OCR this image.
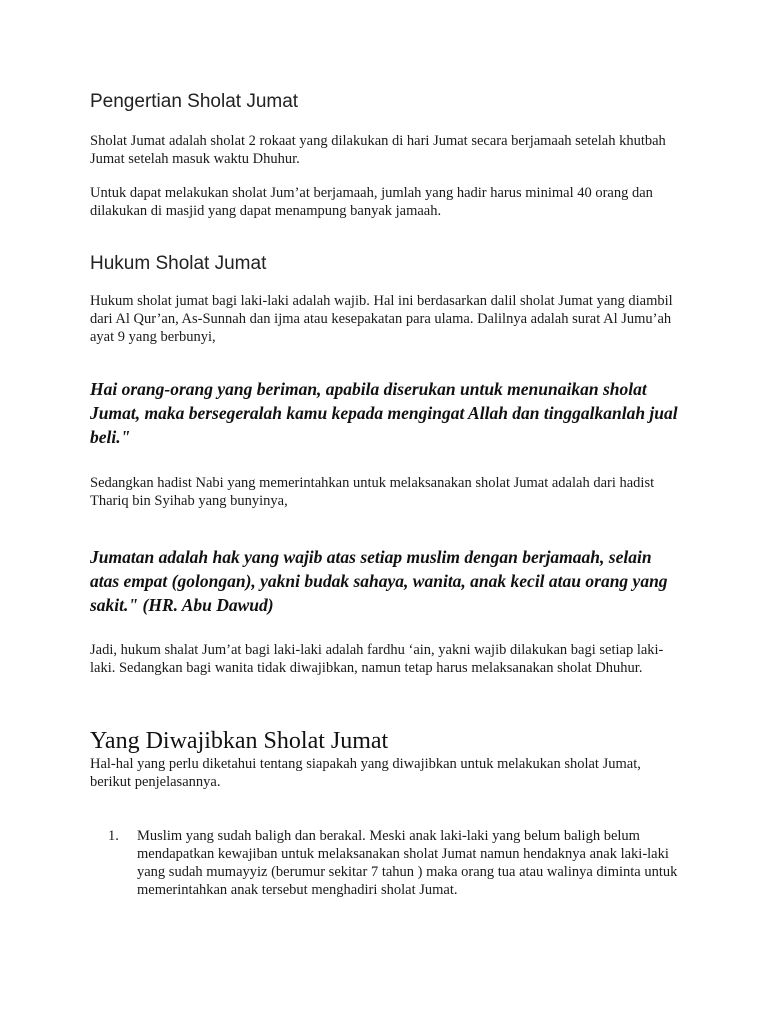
Pengertian Sholat Jumat

Sholat Jumat adalah sholat 2 rokaat yang dilakukan di hari Jumat secara berjamaah setelah khutbah Jumat setelah masuk waktu Dhuhur.

Untuk dapat melakukan sholat Jum’at berjamaah, jumlah yang hadir harus minimal 40 orang dan dilakukan di masjid yang dapat menampung banyak jamaah.

Hukum Sholat Jumat

Hukum sholat jumat bagi laki-laki adalah wajib. Hal ini berdasarkan dalil sholat Jumat yang diambil dari Al Qur’an, As-Sunnah dan ijma atau kesepakatan para ulama. Dalilnya adalah surat Al Jumu’ah ayat 9 yang berbunyi,

Hai orang-orang yang beriman, apabila diserukan untuk menunaikan sholat Jumat, maka bersegeralah kamu kepada mengingat Allah dan tinggalkanlah jual beli."

Sedangkan hadist Nabi yang memerintahkan untuk melaksanakan sholat Jumat adalah dari hadist Thariq bin Syihab yang bunyinya,

Jumatan adalah hak yang wajib atas setiap muslim dengan berjamaah, selain atas empat (golongan), yakni budak sahaya, wanita, anak kecil atau orang yang sakit." (HR. Abu Dawud)

Jadi, hukum shalat Jum’at bagi laki-laki adalah fardhu ‘ain, yakni wajib dilakukan bagi setiap laki-laki. Sedangkan bagi wanita tidak diwajibkan, namun tetap harus melaksanakan sholat Dhuhur.

Yang Diwajibkan Sholat Jumat

Hal-hal yang perlu diketahui tentang siapakah yang diwajibkan untuk melakukan sholat Jumat, berikut penjelasannya.

1. Muslim yang sudah baligh dan berakal. Meski anak laki-laki yang belum baligh belum mendapatkan kewajiban untuk melaksanakan sholat Jumat namun hendaknya anak laki-laki yang sudah mumayyiz (berumur sekitar 7 tahun ) maka orang tua atau walinya diminta untuk memerintahkan anak tersebut menghadiri sholat Jumat.
